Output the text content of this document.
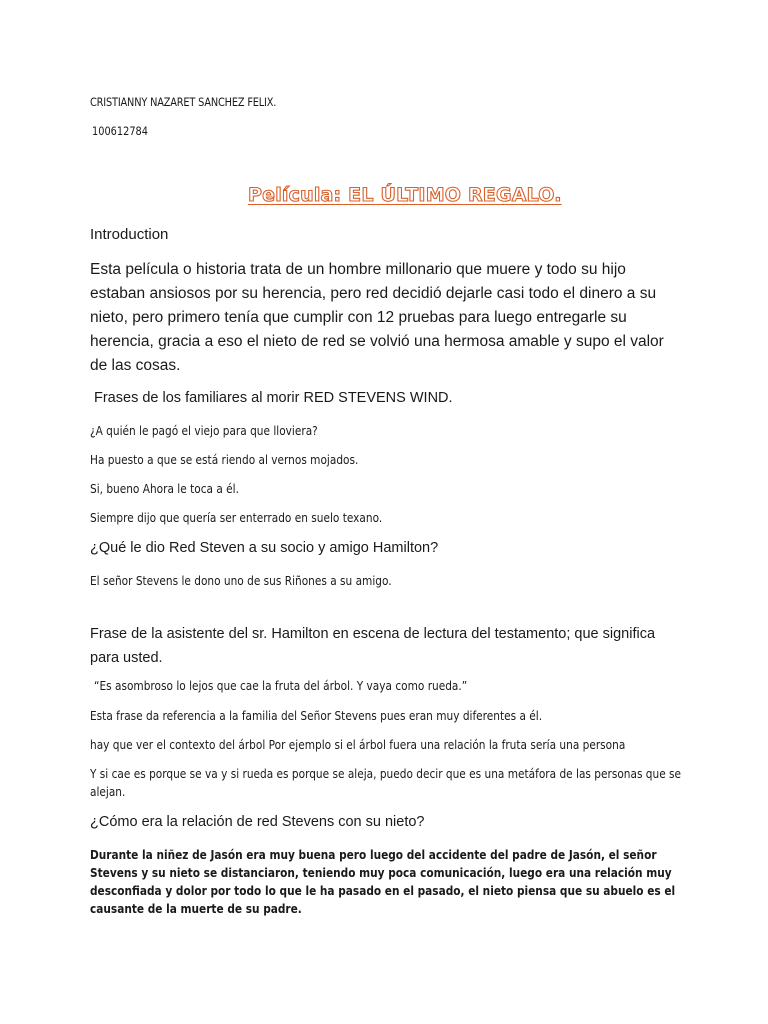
CRISTIANNY NAZARET SANCHEZ FELIX.

100612784

Película: EL ÚLTIMO REGALO.

Introduction

Esta película o historia trata de un hombre millonario que muere y todo su hijo estaban ansiosos por su herencia, pero red decidió dejarle casi todo el dinero a su nieto, pero primero tenía que cumplir con 12 pruebas para luego entregarle su herencia, gracia a eso el nieto de red se volvió una hermosa amable y supo el valor de las cosas.

Frases de los familiares al morir RED STEVENS WIND.

¿A quién le pagó el viejo para que lloviera?

Ha puesto a que se está riendo al vernos mojados.

Si, bueno Ahora le toca a él.

Siempre dijo que quería ser enterrado en suelo texano.

¿Qué le dio Red Steven a su socio y amigo Hamilton?

El señor Stevens le dono uno de sus Riñones a su amigo.

Frase de la asistente del sr. Hamilton en escena de lectura del testamento; que significa para usted.

“Es asombroso lo lejos que cae la fruta del árbol. Y vaya como rueda.”

Esta frase da referencia a la familia del Señor Stevens pues eran muy diferentes a él.

hay que ver el contexto del árbol Por ejemplo si el árbol fuera una relación la fruta sería una persona

Y si cae es porque se va y si rueda es porque se aleja, puedo decir que es una metáfora de las personas que se alejan.

¿Cómo era la relación de red Stevens con su nieto?

Durante la niñez de Jasón era muy buena pero luego del accidente del padre de Jasón, el señor Stevens y su nieto se distanciaron, teniendo muy poca comunicación, luego era una relación muy desconfiada y dolor por todo lo que le ha pasado en el pasado, el nieto piensa que su abuelo es el causante de la muerte de su padre.
